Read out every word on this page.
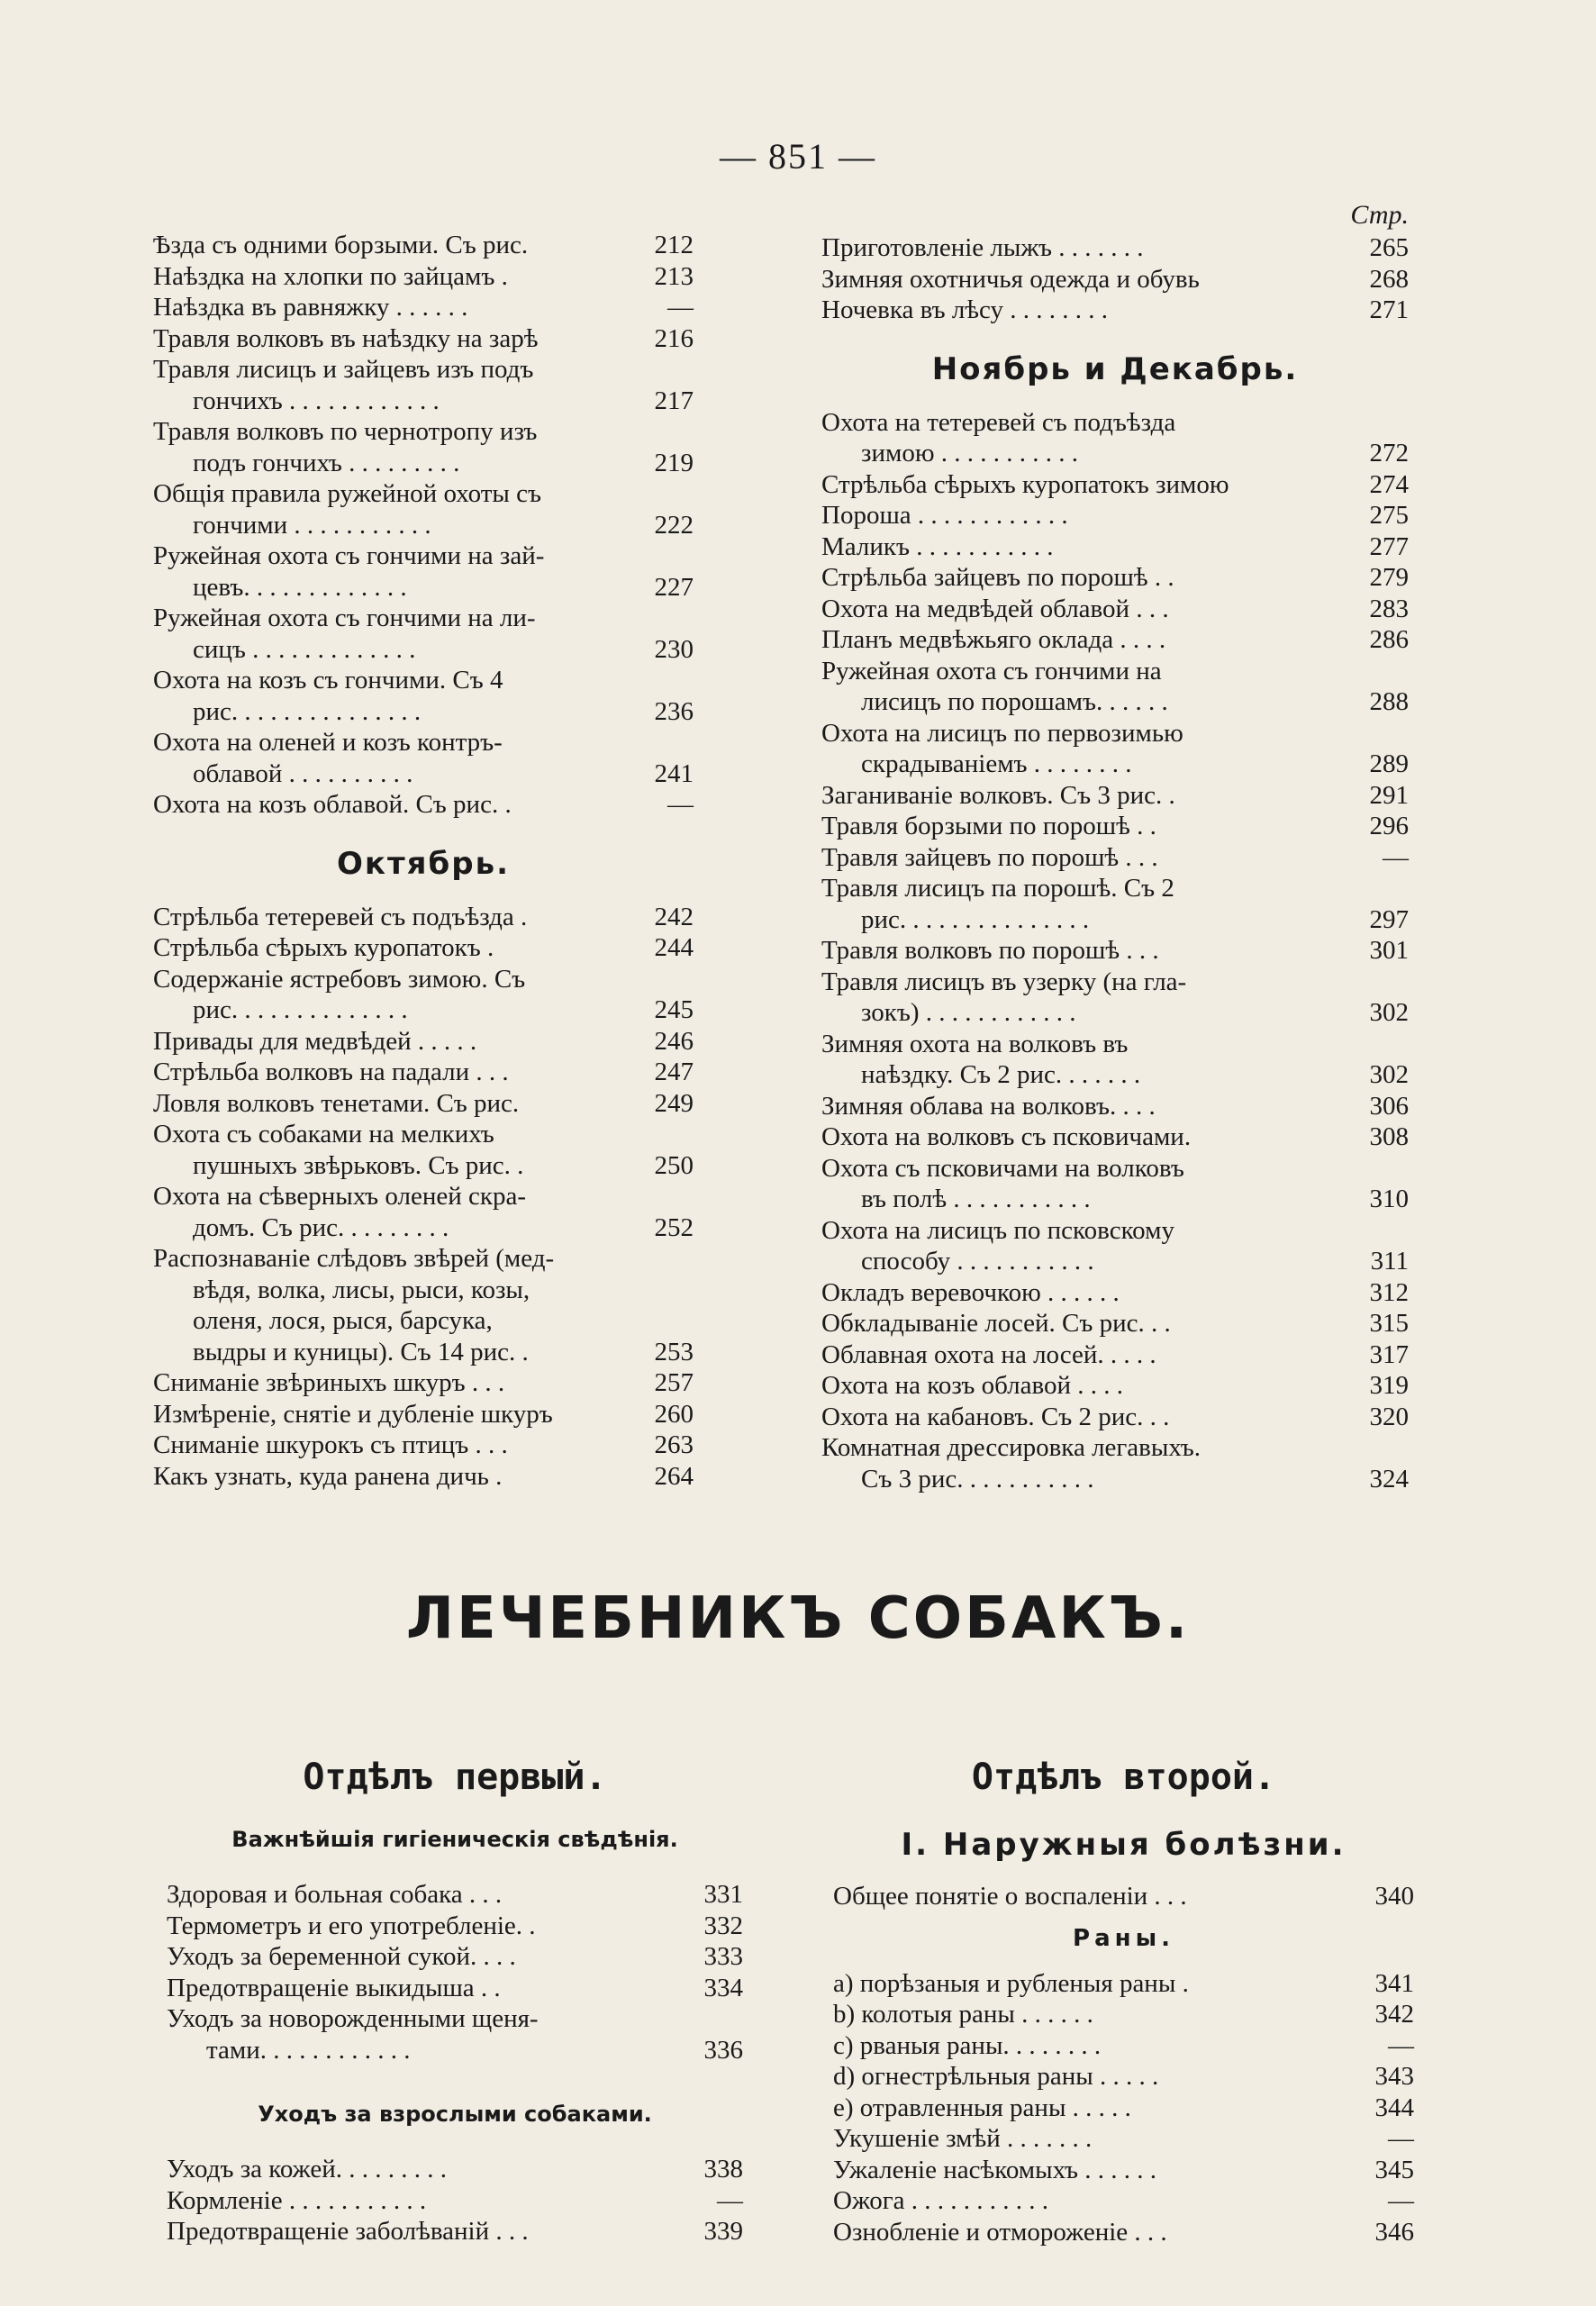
— 851 —
Ѣзда съ одними борзыми. Съ рис.	212
Наѣздка на хлопки по зайцамъ .	213
Наѣздка въ равняжку . . . . . .	—
Травля волковъ въ наѣздку на зарѣ	216
Травля лисицъ и зайцевъ изъ подъ
гончихъ . . . . . . . . . . . .	217
Травля волковъ по чернотропу изъ
подъ гончихъ . . . . . . . . .	219
Общія правила ружейной охоты съ
гончими . . . . . . . . . . .	222
Ружейная охота съ гончими на зай-
цевъ. . . . . . . . . . . . .	227
Ружейная охота съ гончими на ли-
сицъ . . . . . . . . . . . . .	230
Охота на козъ съ гончими. Съ 4
рис. . . . . . . . . . . . . . .	236
Охота на оленей и козъ контръ-
облавой . . . . . . . . . .	241
Охота на козъ облавой. Съ рис. .	—
Октябрь.
Стрѣльба тетеревей съ подъѣзда .	242
Стрѣльба сѣрыхъ куропатокъ .	244
Содержаніе ястребовъ зимою. Съ
рис. . . . . . . . . . . . . .	245
Привады для медвѣдей . . . . .	246
Стрѣльба волковъ на падали . . .	247
Ловля волковъ тенетами. Съ рис.	249
Охота съ собаками на мелкихъ
пушныхъ звѣрьковъ. Съ рис. .	250
Охота на сѣверныхъ оленей скра-
домъ. Съ рис. . . . . . . . .	252
Распознаваніе слѣдовъ звѣрей (мед-
вѣдя, волка, лисы, рыси, козы,
оленя, лося, рыся, барсука,
выдры и куницы). Съ 14 рис. .	253
Сниманіе звѣриныхъ шкуръ . . .	257
Измѣреніе, снятіе и дубленіе шкуръ	260
Сниманіе шкурокъ съ птицъ . . .	263
Какъ узнать, куда ранена дичь .	264
Стр.
Приготовленіе лыжъ . . . . . . .	265
Зимняя охотничья одежда и обувь	268
Ночевка въ лѣсу . . . . . . . .	271
Ноябрь и Декабрь.
Охота на тетеревей съ подъѣзда
зимою . . . . . . . . . . .	272
Стрѣльба сѣрыхъ куропатокъ зимою	274
Пороша . . . . . . . . . . . .	275
Маликъ . . . . . . . . . . .	277
Стрѣльба зайцевъ по порошѣ . .	279
Охота на медвѣдей облавой . . .	283
Планъ медвѣжьяго оклада . . . .	286
Ружейная охота съ гончими на
лисицъ по порошамъ. . . . . .	288
Охота на лисицъ по первозимью
скрадываніемъ . . . . . . . .	289
Заганиваніе волковъ. Съ 3 рис. .	291
Травля борзыми по порошѣ . .	296
Травля зайцевъ по порошѣ . . .	—
Травля лисицъ па порошѣ. Съ 2
рис. . . . . . . . . . . . . . .	297
Травля волковъ по порошѣ . . .	301
Травля лисицъ въ узерку (на гла-
зокъ) . . . . . . . . . . . .	302
Зимняя охота на волковъ въ
наѣздку. Съ 2 рис. . . . . . .	302
Зимняя облава на волковъ. . . .	306
Охота на волковъ съ псковичами.	308
Охота съ псковичами на волковъ
въ полѣ . . . . . . . . . . .	310
Охота на лисицъ по псковскому
способу . . . . . . . . . . .	311
Окладъ веревочкою . . . . . .	312
Обкладываніе лосей. Съ рис. . .	315
Облавная охота на лосей. . . . .	317
Охота на козъ облавой . . . .	319
Охота на кабановъ. Съ 2 рис. . .	320
Комнатная дрессировка легавыхъ.
Съ 3 рис. . . . . . . . . . .	324
ЛЕЧЕБНИКЪ СОБАКЪ.
Отдѣлъ первый.
Важнѣйшія гигіеническія свѣдѣнія.
Здоровая и больная собака . . .	331
Термометръ и его употребленіе. .	332
Уходъ за беременной сукой. . . .	333
Предотвращеніе выкидыша . .	334
Уходъ за новорожденными щеня-
тами. . . . . . . . . . . .	336
Уходъ за взрослыми собаками.
Уходъ за кожей. . . . . . . . .	338
Кормленіе . . . . . . . . . . .	—
Предотвращеніе заболѣваній . . .	339
Отдѣлъ второй.
I. Наружныя болѣзни.
Общее понятіе о воспаленіи . . .	340
Раны.
a) порѣзаныя и рубленыя раны .	341
b) колотыя раны . . . . . .	342
c) рваныя раны. . . . . . . .	—
d) огнестрѣльныя раны . . . . .	343
e) отравленныя раны . . . . .	344
Укушеніе змѣй . . . . . . .	—
Ужаленіе насѣкомыхъ . . . . . .	345
Ожога . . . . . . . . . . .	—
Ознобленіе и отмороженіе . . .	346
